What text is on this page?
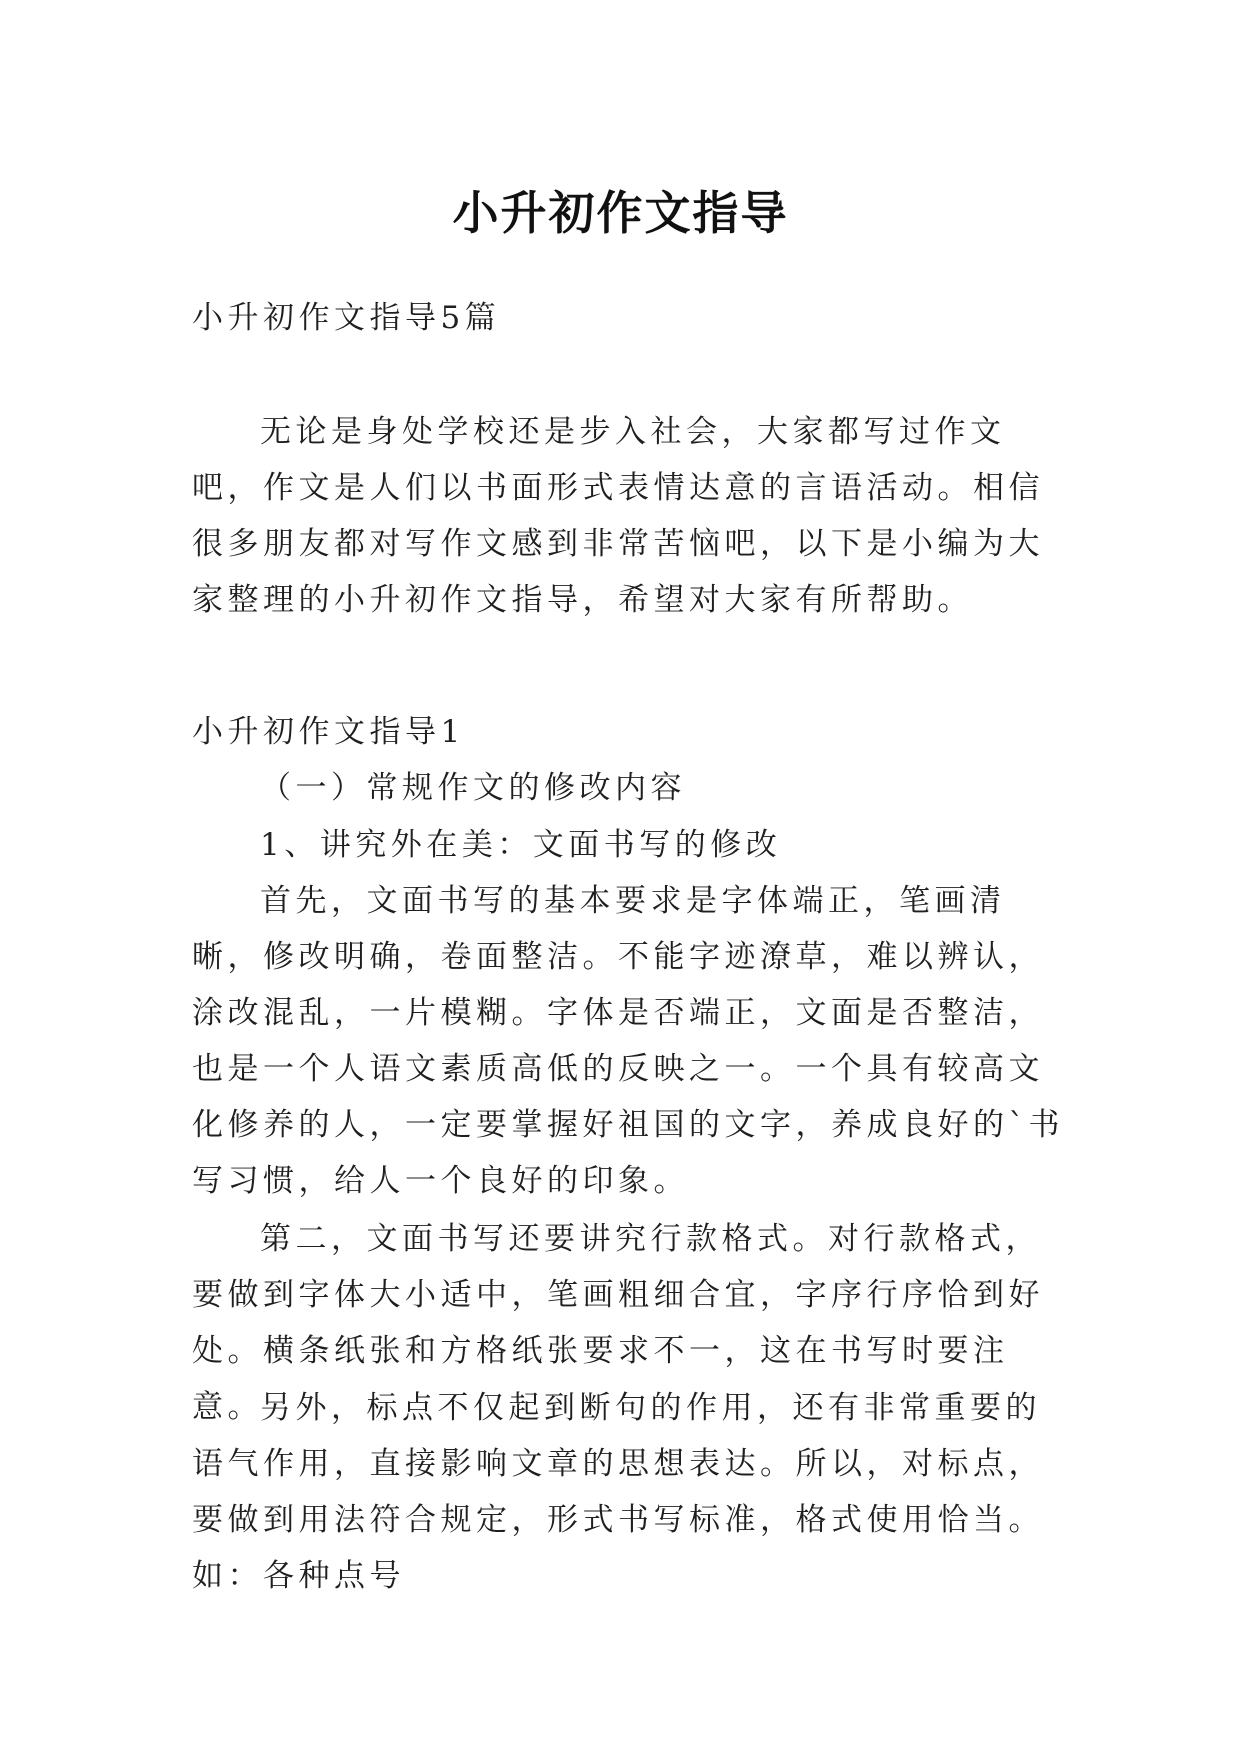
小升初作文指导

小升初作文指导5篇

无论是身处学校还是步入社会，大家都写过作文吧，作文是人们以书面形式表情达意的言语活动。相信很多朋友都对写作文感到非常苦恼吧，以下是小编为大家整理的小升初作文指导，希望对大家有所帮助。

小升初作文指导1

（一）常规作文的修改内容

1、讲究外在美：文面书写的修改

首先，文面书写的基本要求是字体端正，笔画清晰，修改明确，卷面整洁。不能字迹潦草，难以辨认，涂改混乱，一片模糊。字体是否端正，文面是否整洁，也是一个人语文素质高低的反映之一。一个具有较高文化修养的人，一定要掌握好祖国的文字，养成良好的`书写习惯，给人一个良好的印象。

第二，文面书写还要讲究行款格式。对行款格式，要做到字体大小适中，笔画粗细合宜，字序行序恰到好处。横条纸张和方格纸张要求不一，这在书写时要注意。

另外，标点不仅起到断句的作用，还有非常重要的语气作用，直接影响文章的思想表达。所以，对标点，要做到用法符合规定，形式书写标准，格式使用恰当。如：各种点号
